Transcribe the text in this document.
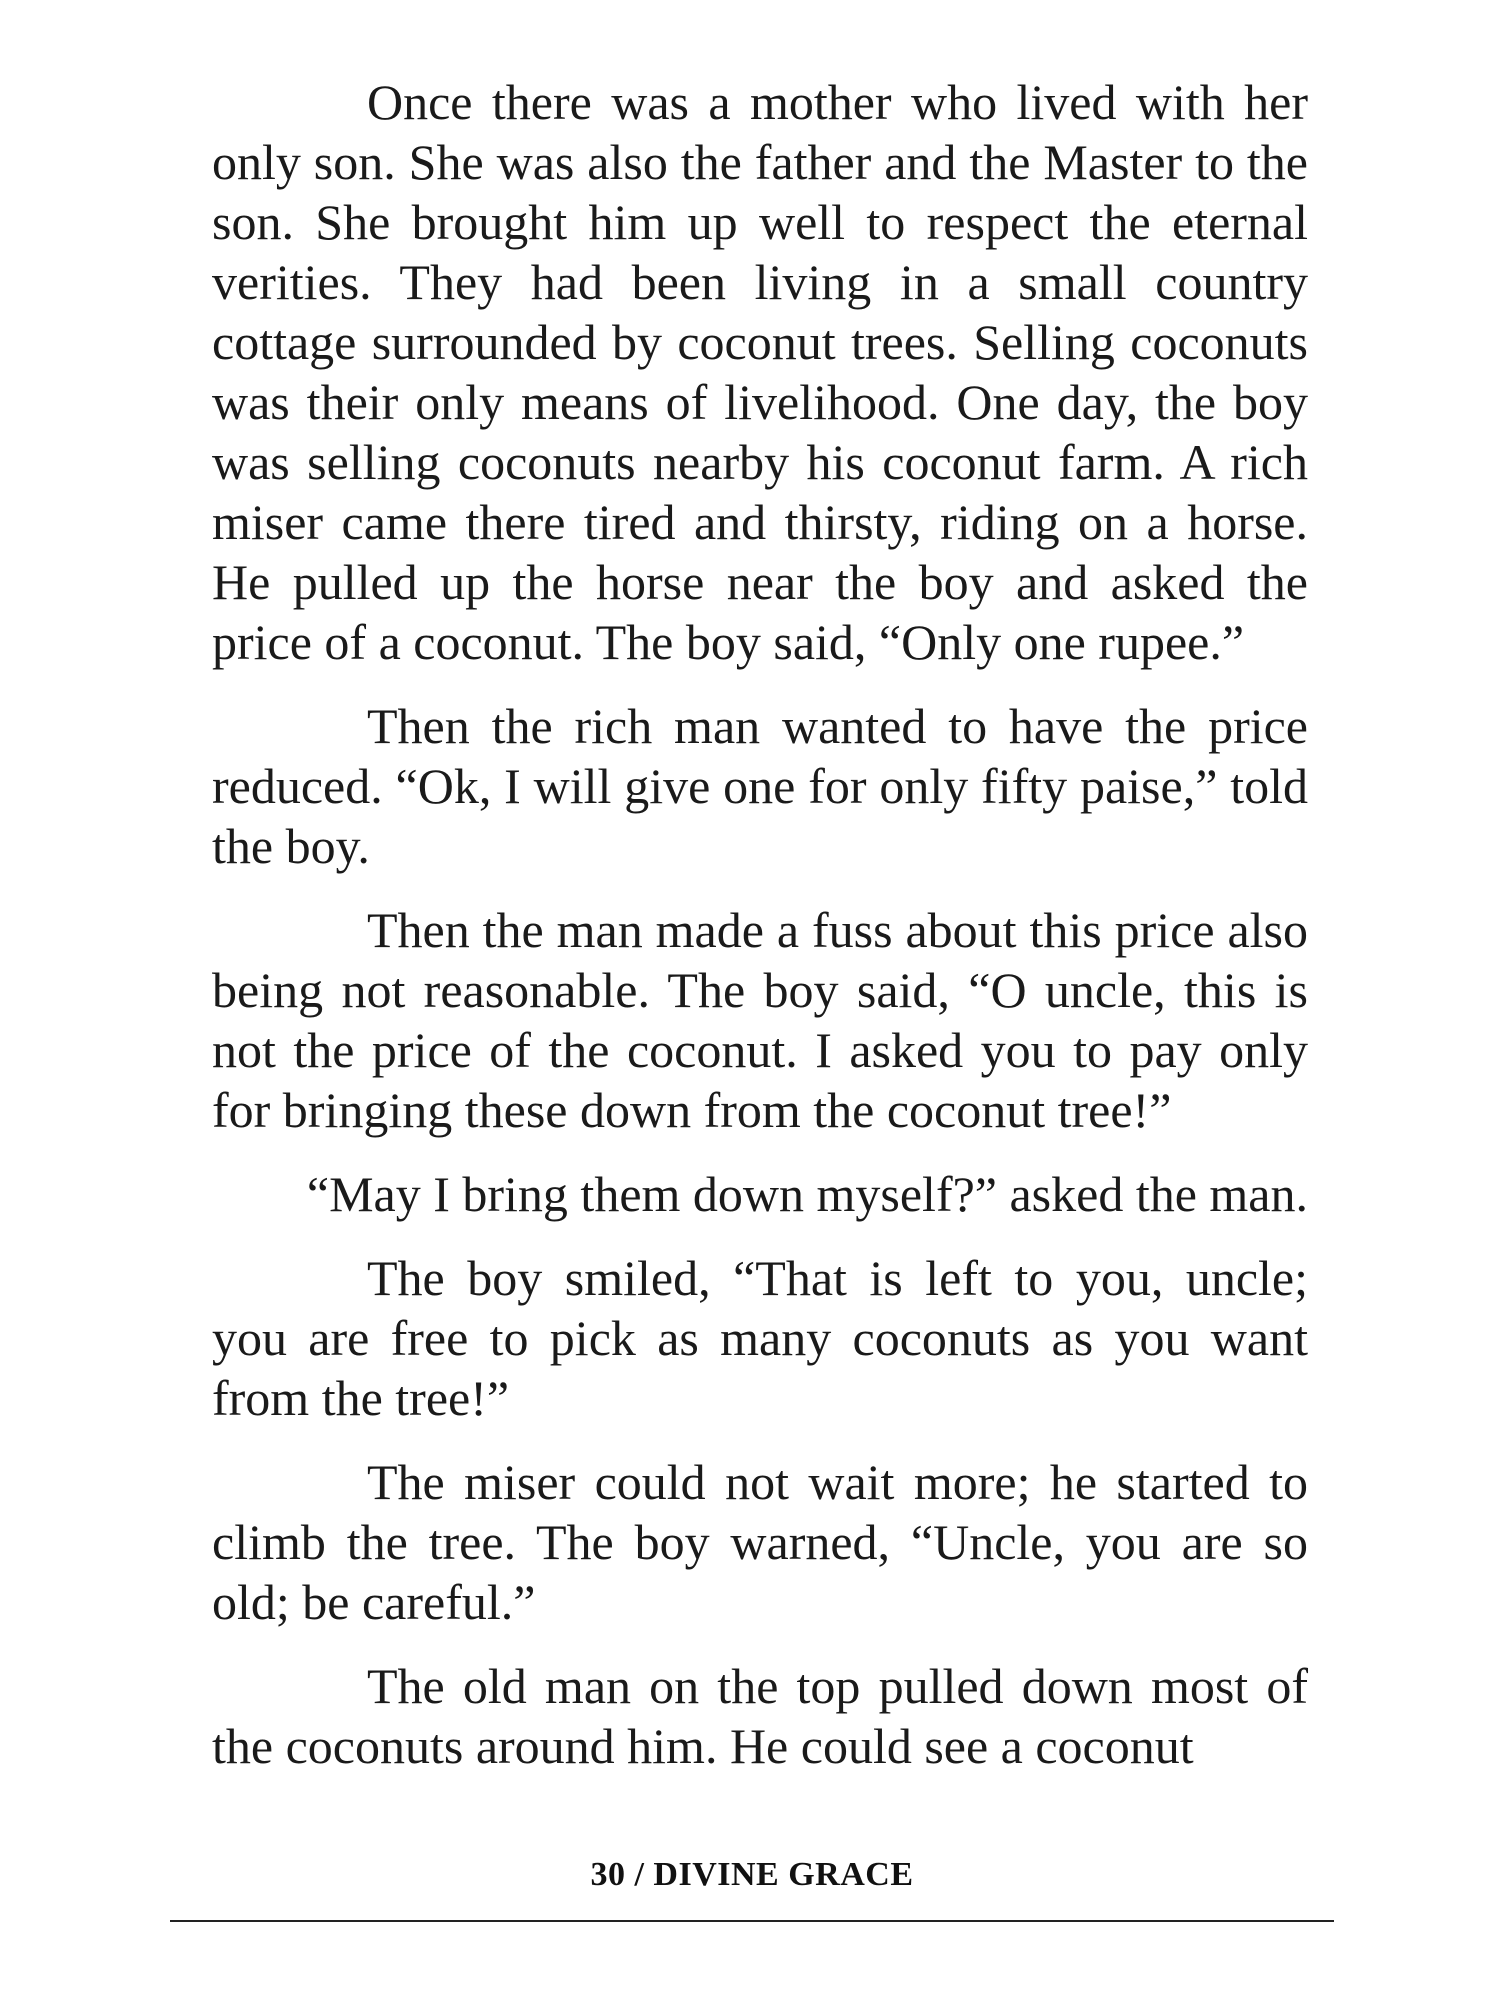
Once there was a mother who lived with her only son. She was also the father and the Master to the son. She brought him up well to respect the eternal verities. They had been living in a small country cottage surrounded by coconut trees. Selling coconuts was their only means of livelihood. One day, the boy was selling coconuts nearby his coconut farm. A rich miser came there tired and thirsty, riding on a horse. He pulled up the horse near the boy and asked the price of a coconut. The boy said, “Only one rupee.”

Then the rich man wanted to have the price reduced. “Ok, I will give one for only fifty paise,” told the boy.

Then the man made a fuss about this price also being not reasonable. The boy said, “O uncle, this is not the price of the coconut. I asked you to pay only for bringing these down from the coconut tree!”

“May I bring them down myself?” asked the man.

The boy smiled, “That is left to you, uncle; you are free to pick as many coconuts as you want from the tree!”

The miser could not wait more; he started to climb the tree. The boy warned, “Uncle, you are so old; be careful.”

The old man on the top pulled down most of the coconuts around him. He could see a coconut

30 / DIVINE GRACE
